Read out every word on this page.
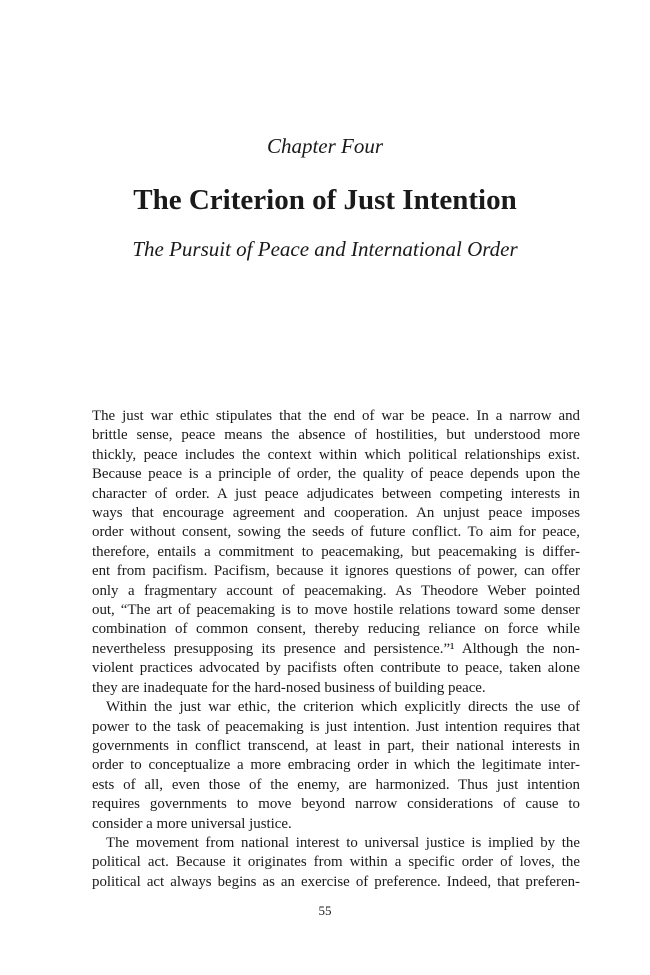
Chapter Four
The Criterion of Just Intention
The Pursuit of Peace and International Order
The just war ethic stipulates that the end of war be peace. In a narrow and
brittle sense, peace means the absence of hostilities, but understood more
thickly, peace includes the context within which political relationships exist.
Because peace is a principle of order, the quality of peace depends upon the
character of order. A just peace adjudicates between competing interests in
ways that encourage agreement and cooperation. An unjust peace imposes
order without consent, sowing the seeds of future conflict. To aim for peace,
therefore, entails a commitment to peacemaking, but peacemaking is differ-
ent from pacifism. Pacifism, because it ignores questions of power, can offer
only a fragmentary account of peacemaking. As Theodore Weber pointed
out, “The art of peacemaking is to move hostile relations toward some denser
combination of common consent, thereby reducing reliance on force while
nevertheless presupposing its presence and persistence.”¹ Although the non-
violent practices advocated by pacifists often contribute to peace, taken alone
they are inadequate for the hard-nosed business of building peace.
Within the just war ethic, the criterion which explicitly directs the use of
power to the task of peacemaking is just intention. Just intention requires that
governments in conflict transcend, at least in part, their national interests in
order to conceptualize a more embracing order in which the legitimate inter-
ests of all, even those of the enemy, are harmonized. Thus just intention
requires governments to move beyond narrow considerations of cause to
consider a more universal justice.
The movement from national interest to universal justice is implied by the
political act. Because it originates from within a specific order of loves, the
political act always begins as an exercise of preference. Indeed, that preferen-
55
